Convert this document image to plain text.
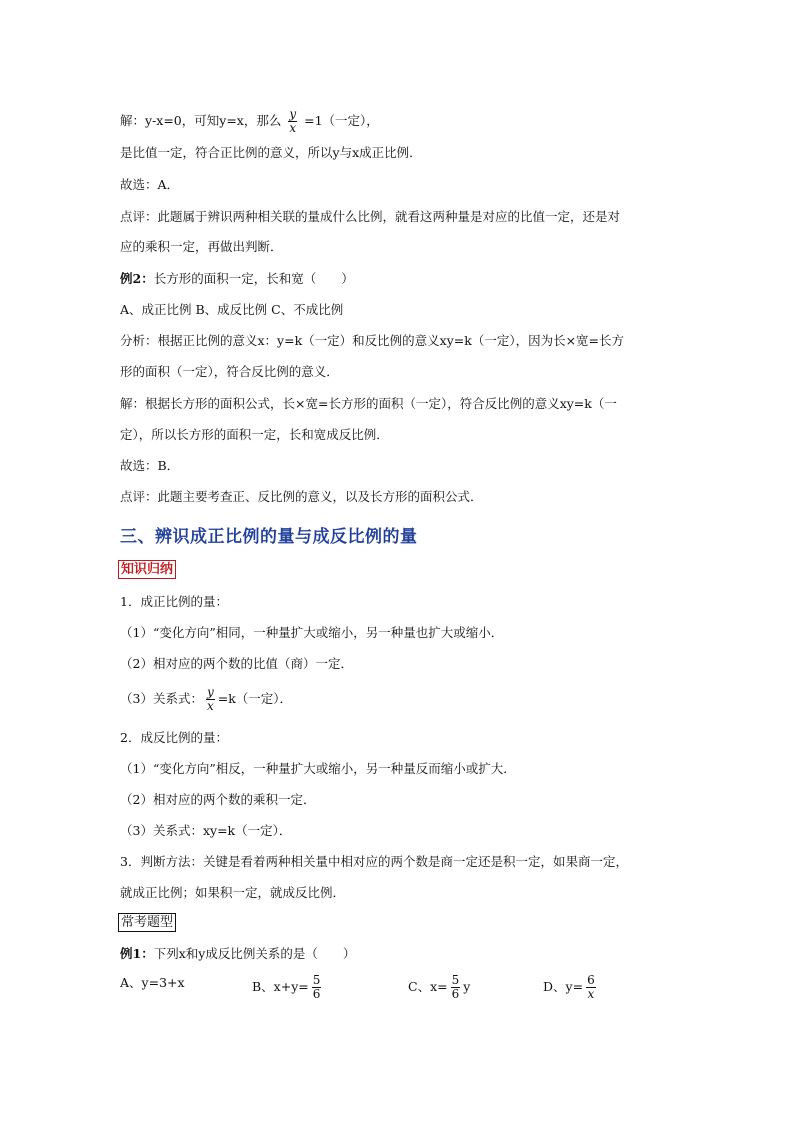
解：y-x=0，可知y=x，那么 $\frac{y}{x} =1$（一定），
是比值一定，符合正比例的意义，所以y与x成正比例．
故选：A．
点评：此题属于辨识两种相关联的量成什么比例，就看这两种量是对应的比值一定，还是对
应的乘积一定，再做出判断．
例2：长方形的面积一定，长和宽（　　）
A、成正比例 B、成反比例 C、不成比例
分析：根据正比例的意义x：y=k（一定）和反比例的意义xy=k（一定），因为长×宽=长方
形的面积（一定），符合反比例的意义．
解：根据长方形的面积公式，长×宽=长方形的面积（一定），符合反比例的意义xy=k（一
定），所以长方形的面积一定，长和宽成反比例．
故选：B．
点评：此题主要考查正、反比例的意义，以及长方形的面积公式．
三、辨识成正比例的量与成反比例的量
知识归纳
1．成正比例的量：
（1）“变化方向”相同，一种量扩大或缩小，另一种量也扩大或缩小．
（2）相对应的两个数的比值（商）一定．
（3）关系式： $\frac{y}{x} =k$（一定）．
2．成反比例的量：
（1）“变化方向”相反，一种量扩大或缩小，另一种量反而缩小或扩大．
（2）相对应的两个数的乘积一定．
（3）关系式：xy=k（一定）．
3．判断方法：关键是看着两种相关量中相对应的两个数是商一定还是积一定，如果商一定，
就成正比例；如果积一定，就成反比例．
常考题型
例1：下列x和y成反比例关系的是（　　）
A、y=3+x	B、$x+y= \frac{5}{6}$	C、$x= \frac{5}{6}$ y	D、$y= \frac{6}{x}$
